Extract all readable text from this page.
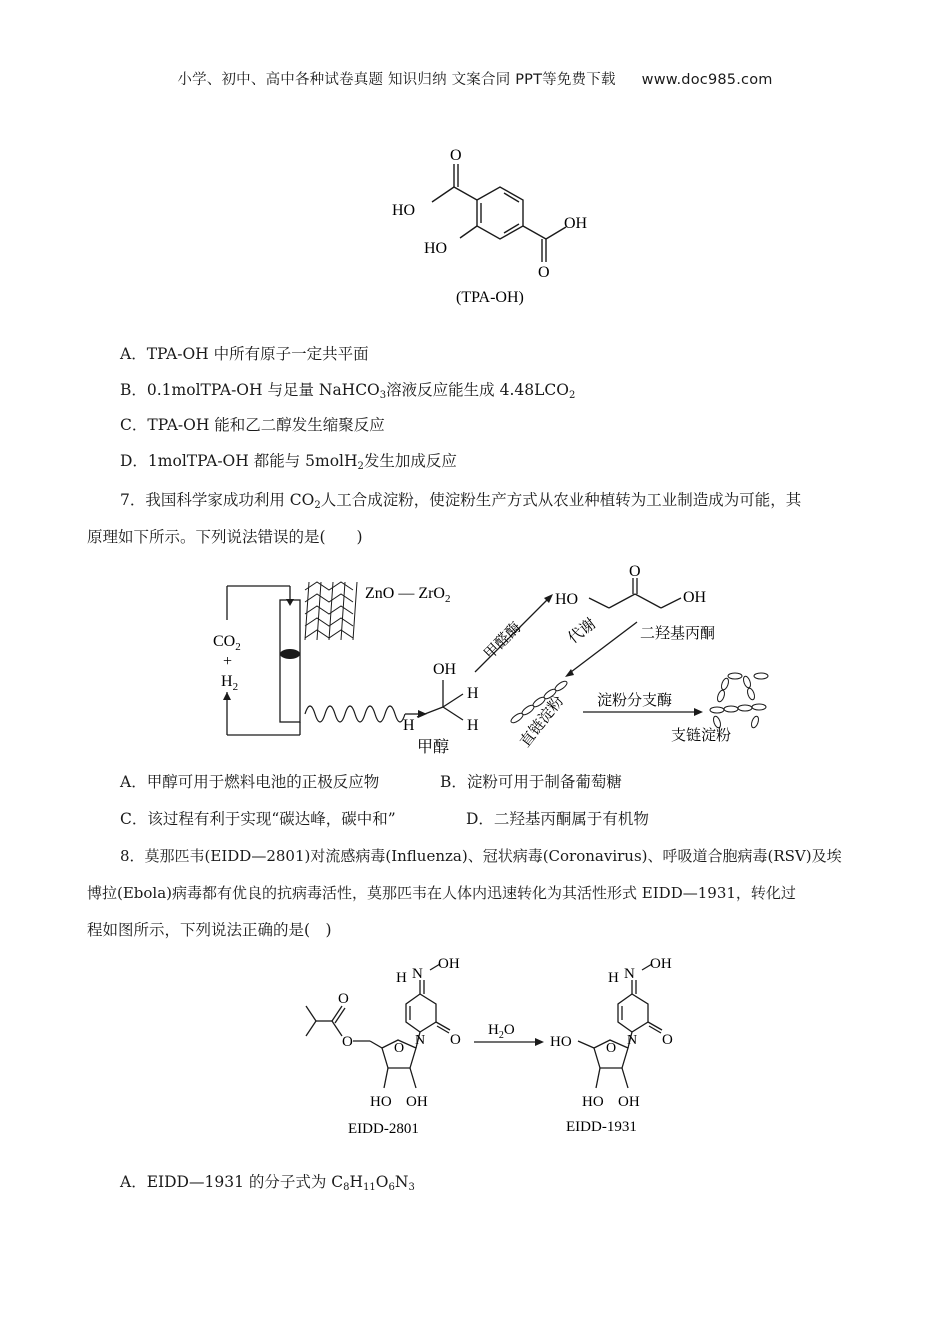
小学、初中、高中各种试卷真题 知识归纳 文案合同 PPT等免费下载 www.doc985.com
O
HO
HO
OH
O
(TPA-OH)
A．TPA-OH 中所有原子一定共平面
B．0.1molTPA-OH 与足量 NaHCO$_3$溶液反应能生成 $4.48LCO_2$
C．TPA-OH 能和乙二醇发生缩聚反应
D．1molTPA-OH 都能与 5molH$_2$发生加成反应
7．我国科学家成功利用 $CO_2$人工合成淀粉，使淀粉生产方式从农业种植转为工业制造成为可能，其
原理如下所示。下列说法错误的是(　　)
ZnO — ZrO$_2$
$CO_2$
+
$H_2$
OH
H
H	H
甲醇
甲醛酶
O
HO	OH
二羟基丙酮
代谢
直链淀粉 淀粉分支酶
支链淀粉
A．甲醇可用于燃料电池的正极反应物	B．淀粉可用于制备葡萄糖
C．该过程有利于实现“碳达峰，碳中和”	D．二羟基丙酮属于有机物
8．莫那匹韦(EIDD—2801)对流感病毒(Influenza)、冠状病毒(Coronavirus)、呼吸道合胞病毒(RSV)及埃
博拉(Ebola)病毒都有优良的抗病毒活性，莫那匹韦在人体内迅速转化为其活性形式 EIDD—1931，转化过
程如图所示，下列说法正确的是(　)
H N
OH
O
O	O
N O
HO OH
EIDD-2801
$H_2O$
H N
OH
HO O
N O
HO OH
EIDD-1931
A．EIDD—1931 的分子式为 $C_8H_{11}O_6N_3$
